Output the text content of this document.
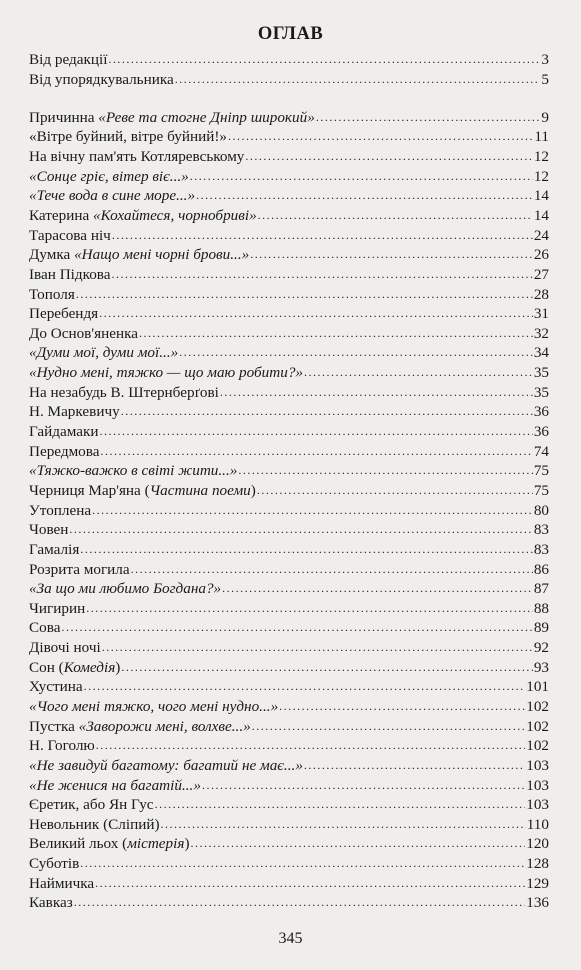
ОГЛАВ
Від редакції .....	3
Від упорядкувальника .....	5
Причинна «Реве та стогне Дніпр широкий» .....	9
«Вітре буйний, вітре буйний!» .....	11
На вічну пам'ять Котляревському .....	12
«Сонце гріє, вітер віє...» .....	12
«Тече вода в сине море...» .....	14
Катерина «Кохайтеся, чорнобриві» .....	14
Тарасова ніч .....	24
Думка «Нащо мені чорні брови...» .....	26
Іван Підкова .....	27
Тополя .....	28
Перебендя .....	31
До Основ'яненка .....	32
«Думи мої, думи мої...» .....	34
«Нудно мені, тяжко — що маю робити?» .....	35
На незабудь В. Штернберґові .....	35
Н. Маркевичу .....	36
Гайдамаки .....	36
Передмова .....	74
«Тяжко-важко в світі жити...» .....	75
Черниця Мар'яна (Частина поеми) .....	75
Утоплена .....	80
Човен .....	83
Гамалія .....	83
Розрита могила .....	86
«За що ми любимо Богдана?» .....	87
Чигирин .....	88
Сова .....	89
Дівочі ночі .....	92
Сон (Комедія) .....	93
Хустина .....	101
«Чого мені тяжко, чого мені нудно...» .....	102
Пустка «Заворожи мені, волхве...» .....	102
Н. Гоголю .....	102
«Не завидуй багатому: багатий не має...» .....	103
«Не женися на багатій...» .....	103
Єретик, або Ян Гус .....	103
Невольник (Сліпий) .....	110
Великий льох (містерія) .....	120
Суботів .....	128
Наймичка .....	129
Кавказ .....	136
345
